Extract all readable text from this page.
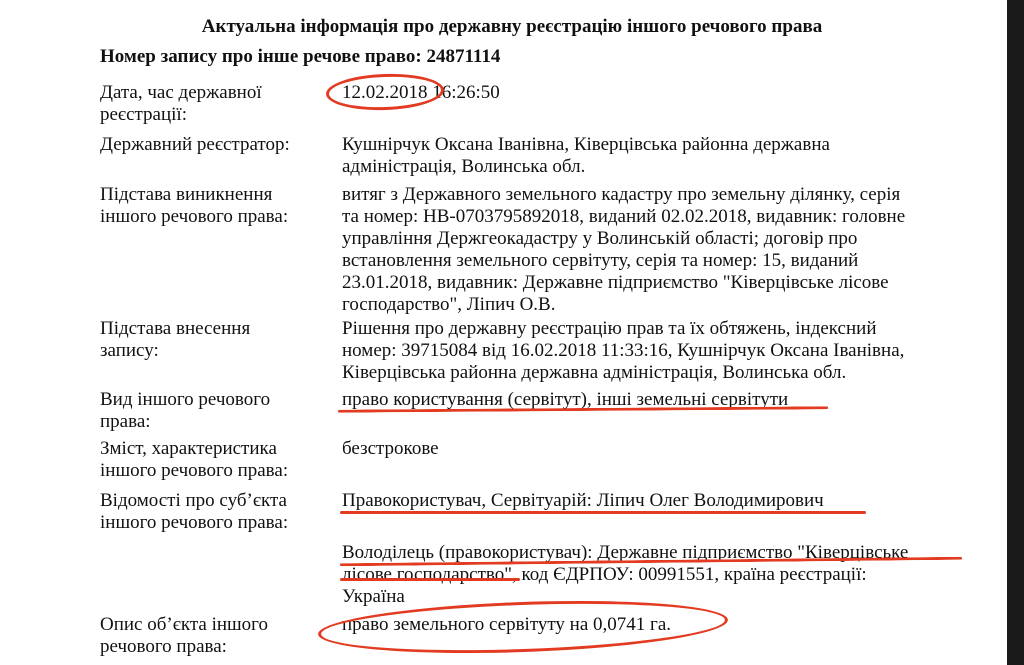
Актуальна інформація про державну реєстрацію іншого речового права
Номер запису про інше речове право: 24871114
Дата, час державної
реєстрації:
12.02.2018 16:26:50
Державний реєстратор:	Кушнірчук Оксана Іванівна, Ківерцівська районна державна
адміністрація, Волинська обл.
Підстава виникнення
іншого речового права:
витяг з Державного земельного кадастру про земельну ділянку, серія
та номер: НВ-0703795892018, виданий 02.02.2018, видавник: головне
управління Держгеокадастру у Волинській області; договір про
встановлення земельного сервітуту, серія та номер: 15, виданий
23.01.2018, видавник: Державне підприємство "Ківерцівське лісове
господарство", Ліпич О.В.
Підстава внесення
запису:
Рішення про державну реєстрацію прав та їх обтяжень, індексний
номер: 39715084 від 16.02.2018 11:33:16, Кушнірчук Оксана Іванівна,
Ківерцівська районна державна адміністрація, Волинська обл.
Вид іншого речового
права:
право користування (сервітут), інші земельні сервітути
Зміст, характеристика
іншого речового права:
безстрокове
Відомості про суб’єкта
іншого речового права:
Правокористувач, Сервітуарій: Ліпич Олег Володимирович
Володілець (правокористувач): Державне підприємство "Ківерцівське
лісове господарство", код ЄДРПОУ: 00991551, країна реєстрації:
Україна
Опис об’єкта іншого
речового права:
право земельного сервітуту на 0,0741 га.
